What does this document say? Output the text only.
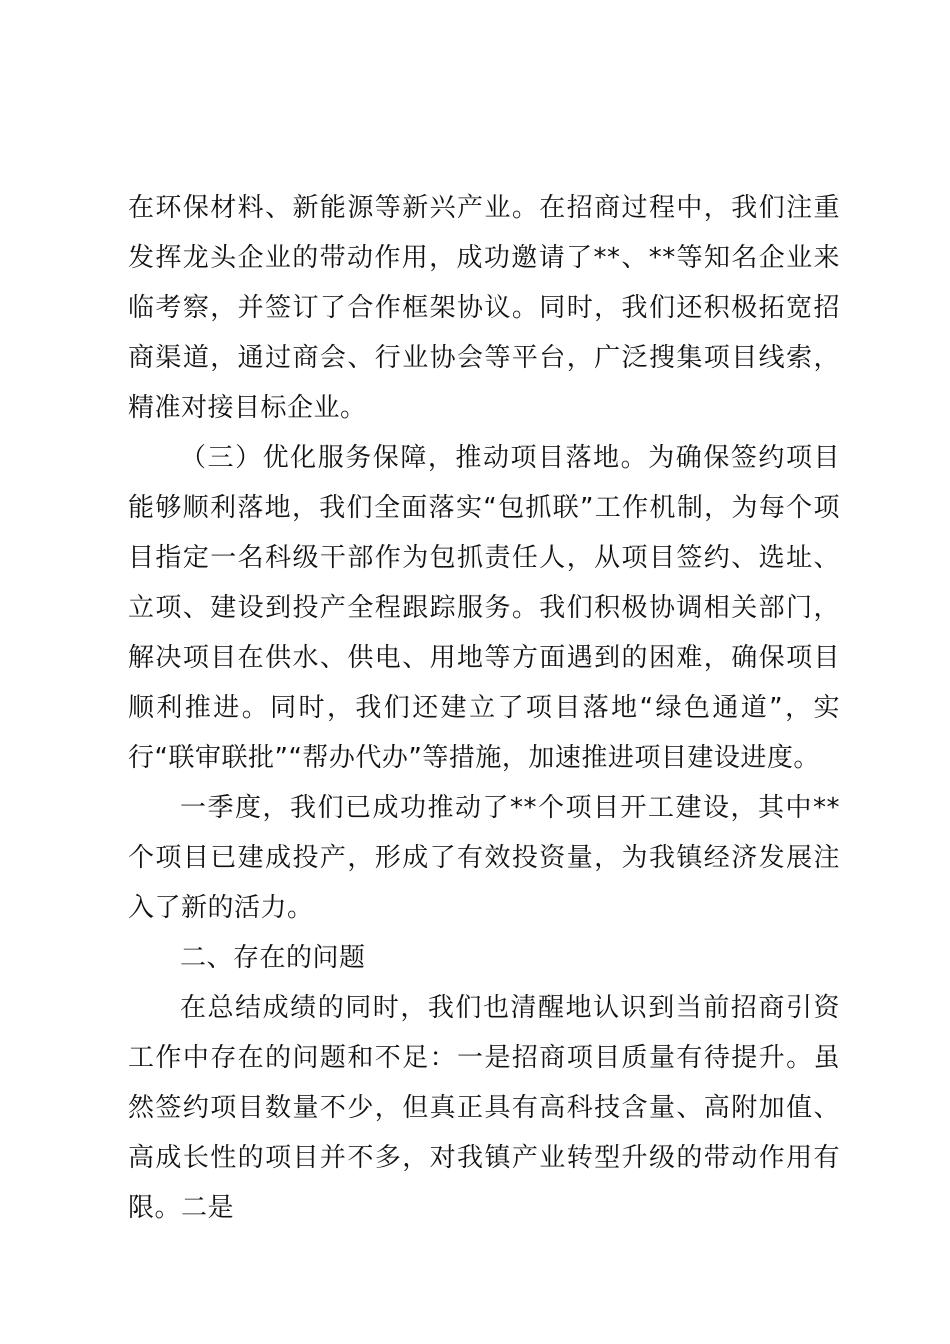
在环保材料、新能源等新兴产业。在招商过程中，我们注重发挥龙头企业的带动作用，成功邀请了**、**等知名企业来临考察，并签订了合作框架协议。同时，我们还积极拓宽招商渠道，通过商会、行业协会等平台，广泛搜集项目线索，精准对接目标企业。

（三）优化服务保障，推动项目落地。为确保签约项目能够顺利落地，我们全面落实“包抓联”工作机制，为每个项目指定一名科级干部作为包抓责任人，从项目签约、选址、立项、建设到投产全程跟踪服务。我们积极协调相关部门，解决项目在供水、供电、用地等方面遇到的困难，确保项目顺利推进。同时，我们还建立了项目落地“绿色通道”，实行“联审联批”“帮办代办”等措施，加速推进项目建设进度。

一季度，我们已成功推动了**个项目开工建设，其中**个项目已建成投产，形成了有效投资量，为我镇经济发展注入了新的活力。

二、存在的问题

在总结成绩的同时，我们也清醒地认识到当前招商引资工作中存在的问题和不足：一是招商项目质量有待提升。虽然签约项目数量不少，但真正具有高科技含量、高附加值、高成长性的项目并不多，对我镇产业转型升级的带动作用有限。二是
